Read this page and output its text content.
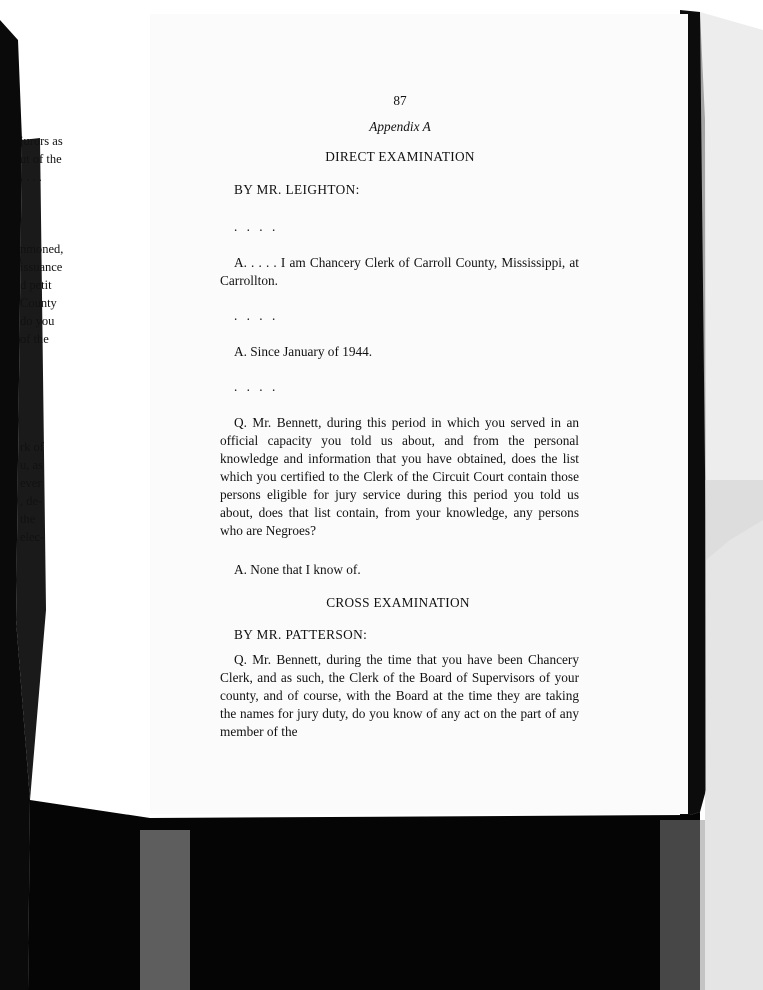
jurors as
ut of the
. . . .
nmoned,
issuance
d petit
County
do you
of the
rk of
u, as
ever
, de-
the
elec-
87
Appendix A
DIRECT EXAMINATION
BY MR. LEIGHTON:
. . . .
A. . . . . I am Chancery Clerk of Carroll County, Mississippi, at Carrollton.
. . . .
A. Since January of 1944.
. . . .
Q. Mr. Bennett, during this period in which you served in an official capacity you told us about, and from the personal knowledge and information that you have obtained, does the list which you certified to the Clerk of the Circuit Court contain those persons eligible for jury service during this period you told us about, does that list contain, from your knowledge, any persons who are Negroes?
A. None that I know of.
CROSS EXAMINATION
BY MR. PATTERSON:
Q. Mr. Bennett, during the time that you have been Chancery Clerk, and as such, the Clerk of the Board of Supervisors of your county, and of course, with the Board at the time they are taking the names for jury duty, do you know of any act on the part of any member of the
